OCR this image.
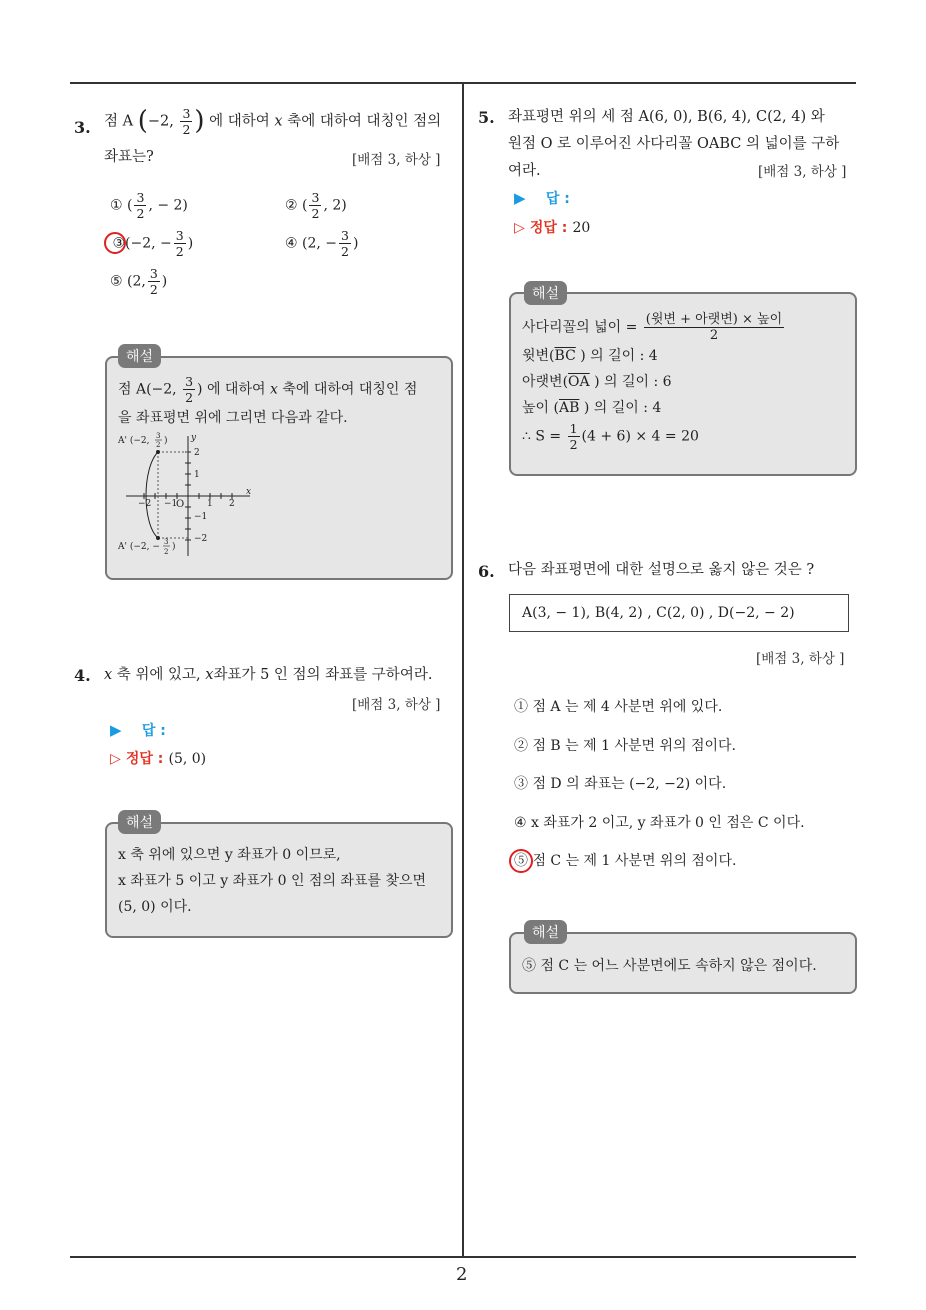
2
3. 점 A (−2, $\frac{3}{2}$ ) 에 대하여 x 축에 대하여 대칭인 점의
좌표는?	[배점 3, 하상 ]
① ( $\frac{3}{2}$ , − 2)	② ( $\frac{3}{2}$ , 2)
③(−2, − $\frac{3}{2}$ )	④ (2, − $\frac{3}{2}$ )
⑤ (2, $\frac{3}{2}$ )
해설
점 A(−2, $\frac{3}{2}$ ) 에 대하여 x 축에 대하여 대칭인 점
을 좌표평면 위에 그리면 다음과 같다.
y
x
O
−2 −1	1 2
2
1
−1
−2
A' (−2, 3
2 )
A' (−2, − 3
2 )
4. x 축 위에 있고, x좌표가 5 인 점의 좌표를 구하여라.
[배점 3, 하상 ]
▶ 답 :
▷ 정답 : (5, 0)
해설
x 축 위에 있으면 y 좌표가 0 이므로,
x 좌표가 5 이고 y 좌표가 0 인 점의 좌표를 찾으면
(5, 0) 이다.
5. 좌표평면 위의 세 점 A(6, 0), B(6, 4), C(2, 4) 와
원점 O 로 이루어진 사다리꼴 OABC 의 넓이를 구하
여라.	[배점 3, 하상 ]
▶ 답 :
▷ 정답 : 20
해설
사다리꼴의 넓이 = $\frac{\text{(윗변 + 아랫변) × 높이}}{2}$
윗변($\overline{BC}$ ) 의 길이 : 4
아랫변($\overline{OA}$ ) 의 길이 : 6
높이 ($\overline{AB}$ ) 의 길이 : 4
∴ $S = \frac{1}{2} (4 + 6) \times 4 = 20$
6. 다음 좌표평면에 대한 설명으로 옳지 않은 것은 ?
A(3, − 1), B(4, 2) , C(2, 0) , D(−2, − 2)
[배점 3, 하상 ]
① 점 A 는 제 4 사분면 위에 있다.
② 점 B 는 제 1 사분면 위의 점이다.
③ 점 D 의 좌표는 (−2, −2) 이다.
④ x 좌표가 2 이고, y 좌표가 0 인 점은 C 이다.
⑤ 점 C 는 제 1 사분면 위의 점이다.
해설
⑤ 점 C 는 어느 사분면에도 속하지 않은 점이다.
